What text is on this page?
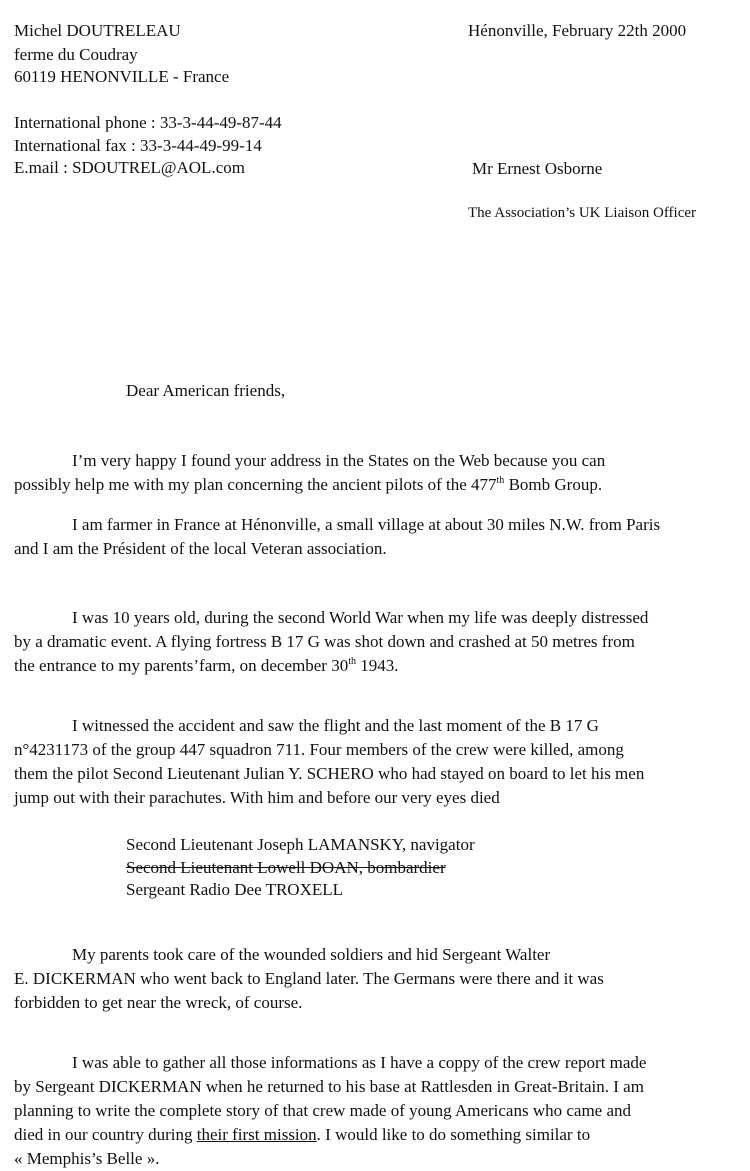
Michel DOUTRELEAU
ferme du Coudray
60119 HENONVILLE - France
Hénonville, February 22th 2000
International phone : 33-3-44-49-87-44
International fax : 33-3-44-49-99-14
E.mail : SDOUTREL@AOL.com	Mr Ernest Osborne
The Association’s UK Liaison Officer
Dear American friends,
I’m very happy I found your address in the States on the Web because you can
possibly help me with my plan concerning the ancient pilots of the 477th Bomb Group.
I am farmer in France at Hénonville, a small village at about 30 miles N.W. from Paris
and I am the Président of the local Veteran association.
I was 10 years old, during the second World War when my life was deeply distressed
by a dramatic event. A flying fortress B 17 G was shot down and crashed at 50 metres from
the entrance to my parents’farm, on december 30th 1943.
I witnessed the accident and saw the flight and the last moment of the B 17 G
n°4231173 of the group 447 squadron 711. Four members of the crew were killed, among
them the pilot Second Lieutenant Julian Y. SCHERO who had stayed on board to let his men
jump out with their parachutes. With him and before our very eyes died
Second Lieutenant Joseph LAMANSKY, navigator
Second Lieutenant Lowell DOAN, bombardier
Sergeant Radio Dee TROXELL
My parents took care of the wounded soldiers and hid Sergeant Walter
E. DICKERMAN who went back to England later. The Germans were there and it was
forbidden to get near the wreck, of course.
I was able to gather all those informations as I have a coppy of the crew report made
by Sergeant DICKERMAN when he returned to his base at Rattlesden in Great-Britain. I am
planning to write the complete story of that crew made of young Americans who came and
died in our country during their first mission. I would like to do something similar to
« Memphis’s Belle ».
